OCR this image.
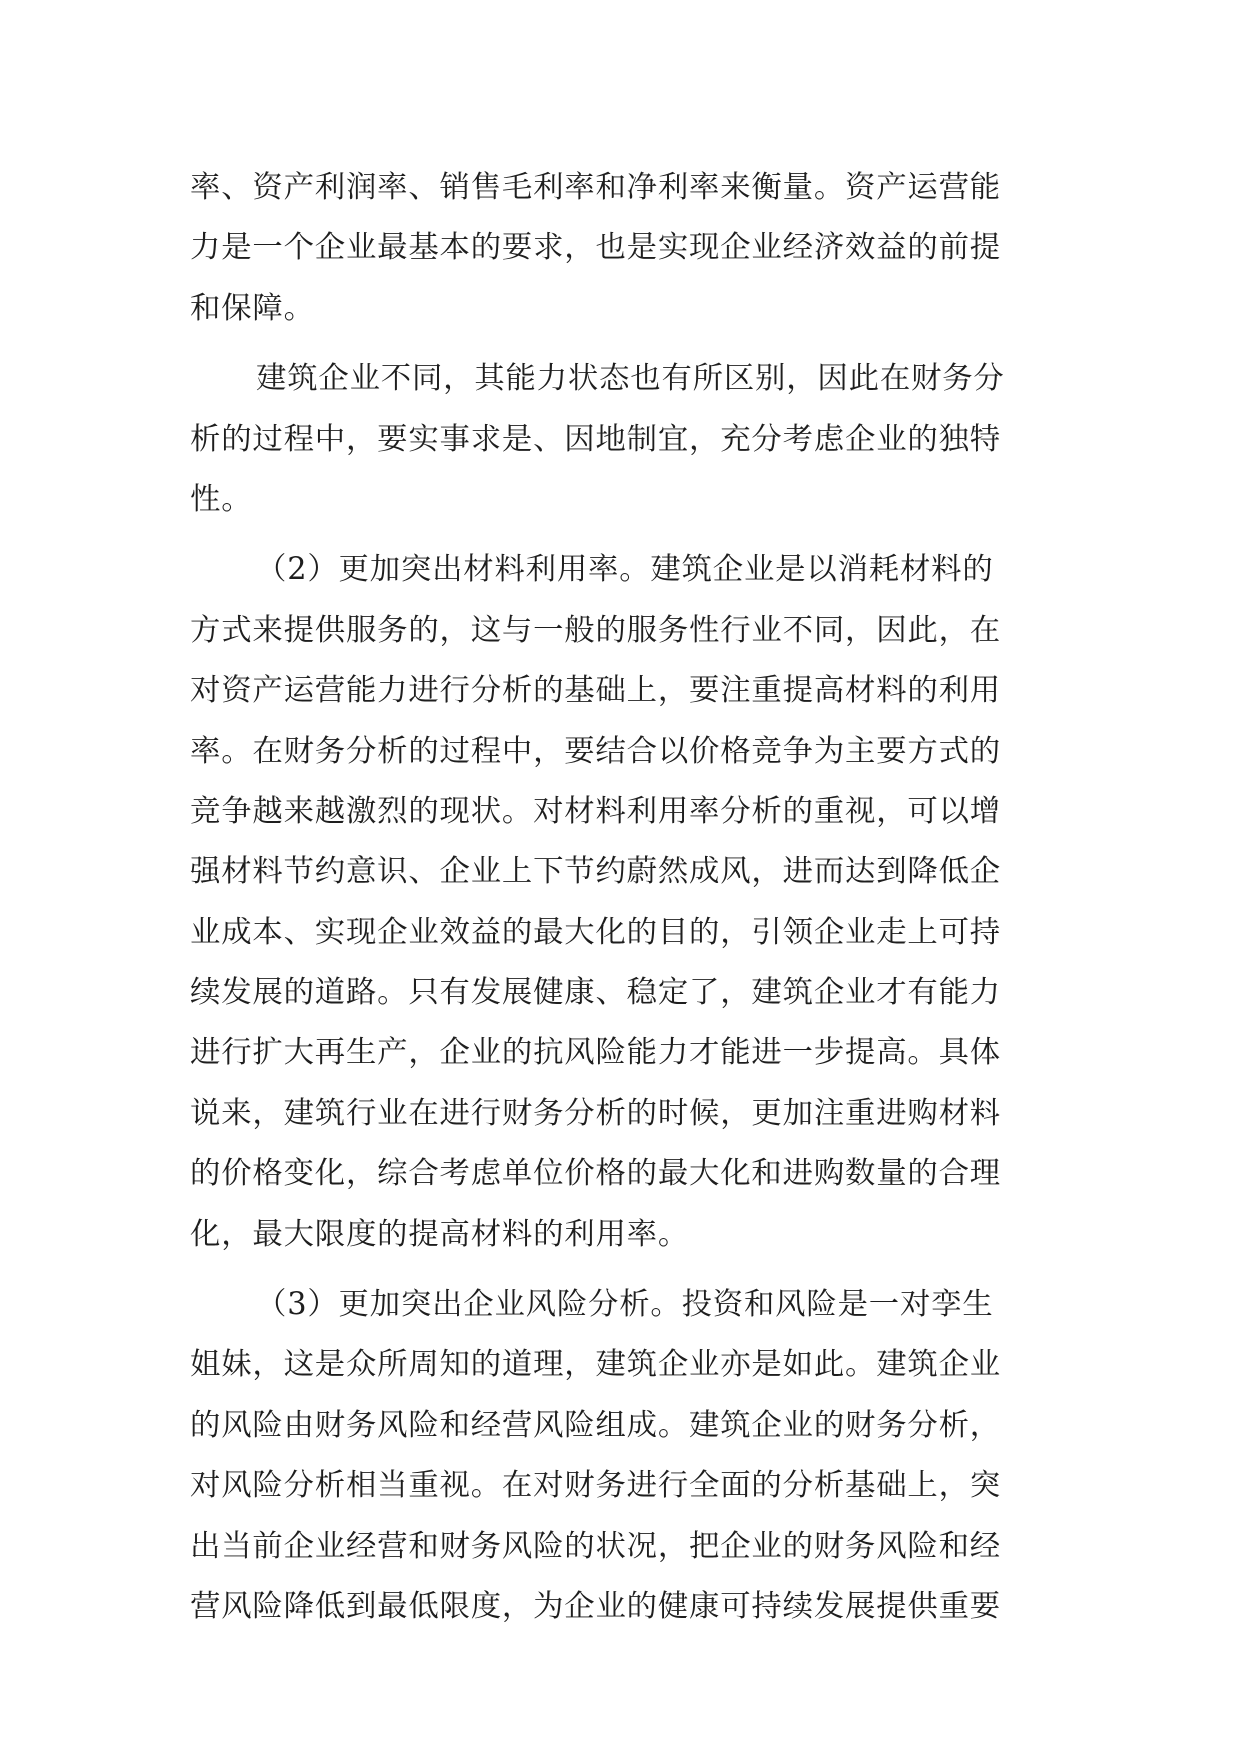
率、资产利润率、销售毛利率和净利率来衡量。资产运营能
力是一个企业最基本的要求，也是实现企业经济效益的前提
和保障。
建筑企业不同，其能力状态也有所区别，因此在财务分
析的过程中，要实事求是、因地制宜，充分考虑企业的独特
性。
（2）更加突出材料利用率。建筑企业是以消耗材料的
方式来提供服务的，这与一般的服务性行业不同，因此，在
对资产运营能力进行分析的基础上，要注重提高材料的利用
率。在财务分析的过程中，要结合以价格竞争为主要方式的
竞争越来越激烈的现状。对材料利用率分析的重视，可以增
强材料节约意识、企业上下节约蔚然成风，进而达到降低企
业成本、实现企业效益的最大化的目的，引领企业走上可持
续发展的道路。只有发展健康、稳定了，建筑企业才有能力
进行扩大再生产，企业的抗风险能力才能进一步提高。具体
说来，建筑行业在进行财务分析的时候，更加注重进购材料
的价格变化，综合考虑单位价格的最大化和进购数量的合理
化，最大限度的提高材料的利用率。
（3）更加突出企业风险分析。投资和风险是一对孪生
姐妹，这是众所周知的道理，建筑企业亦是如此。建筑企业
的风险由财务风险和经营风险组成。建筑企业的财务分析，
对风险分析相当重视。在对财务进行全面的分析基础上，突
出当前企业经营和财务风险的状况，把企业的财务风险和经
营风险降低到最低限度，为企业的健康可持续发展提供重要
